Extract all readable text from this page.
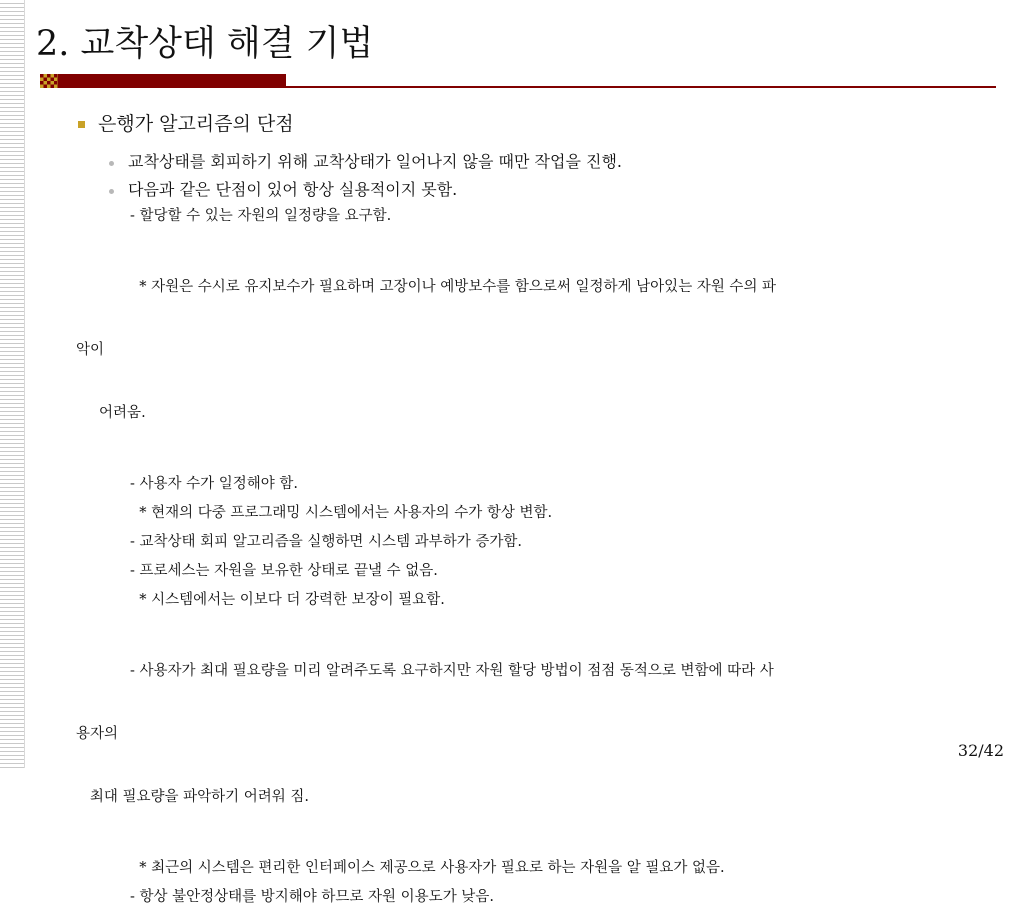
2. 교착상태 해결 기법
은행가 알고리즘의 단점
교착상태를 회피하기 위해 교착상태가 일어나지 않을 때만 작업을 진행.
다음과 같은 단점이 있어 항상 실용적이지 못함.
- 할당할 수 있는 자원의 일정량을 요구함.

* 자원은 수시로 유지보수가 필요하며 고장이나 예방보수를 함으로써 일정하게 남아있는 자원 수의 파

악이

어려움.

- 사용자 수가 일정해야 함.
* 현재의 다중 프로그래밍 시스템에서는 사용자의 수가 항상 변함.
- 교착상태 회피 알고리즘을 실행하면 시스템 과부하가 증가함.
- 프로세스는 자원을 보유한 상태로 끝낼 수 없음.
* 시스템에서는 이보다 더 강력한 보장이 필요함.

- 사용자가 최대 필요량을 미리 알려주도록 요구하지만 자원 할당 방법이 점점 동적으로 변함에 따라 사

용자의

최대 필요량을 파악하기 어려워 짐.

* 최근의 시스템은 편리한 인터페이스 제공으로 사용자가 필요로 하는 자원을 알 필요가 없음.
- 항상 불안정상태를 방지해야 하므로 자원 이용도가 낮음.
32/42
